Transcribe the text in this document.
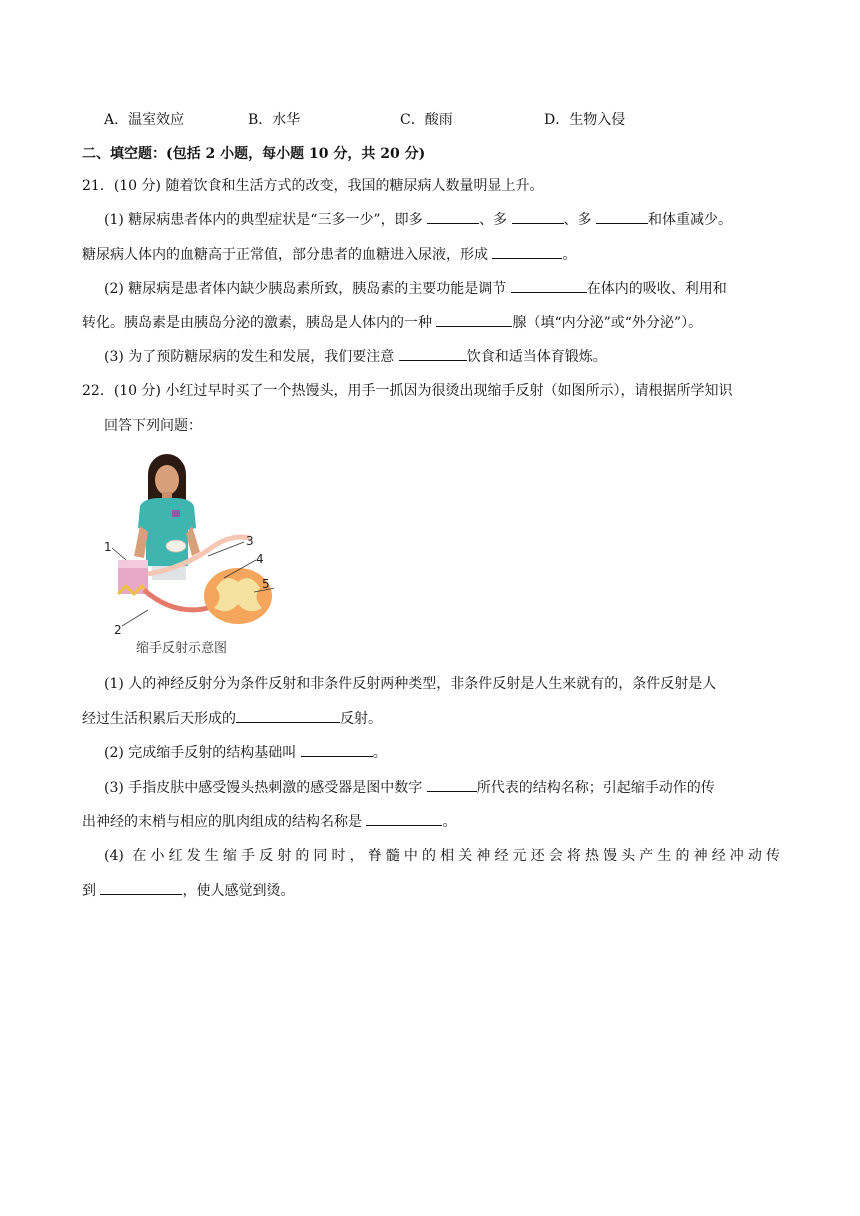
A．温室效应	B．水华	C．酸雨	D．生物入侵
二、填空题：(包括 2 小题，每小题 10 分，共 20 分)
21．(10 分) 随着饮食和生活方式的改变，我国的糖尿病人数量明显上升。
(1) 糖尿病患者体内的典型症状是“三多一少”，即多	、多	、多	和体重减少。
糖尿病人体内的血糖高于正常值，部分患者的血糖进入尿液，形成	。
(2) 糖尿病是患者体内缺少胰岛素所致，胰岛素的主要功能是调节	在体内的吸收、利用和
转化。胰岛素是由胰岛分泌的激素，胰岛是人体内的一种	腺（填“内分泌”或“外分泌”）。
(3) 为了预防糖尿病的发生和发展，我们要注意	饮食和适当体育锻炼。
22．(10 分) 小红过早时买了一个热馒头，用手一抓因为很烫出现缩手反射（如图所示），请根据所学知识
回答下列问题：
1
2
3
4
5
缩手反射示意图
(1) 人的神经反射分为条件反射和非条件反射两种类型，非条件反射是人生来就有的，条件反射是人
经过生活积累后天形成的	反射。
(2) 完成缩手反射的结构基础叫	。
(3) 手指皮肤中感受馒头热刺激的感受器是图中数字	所代表的结构名称；引起缩手动作的传
出神经的末梢与相应的肌肉组成的结构名称是	。
(4) 在小红发生缩手反射的同时，脊髓中的相关神经元还会将热馒头产生的神经冲动传
到	，使人感觉到烫。
